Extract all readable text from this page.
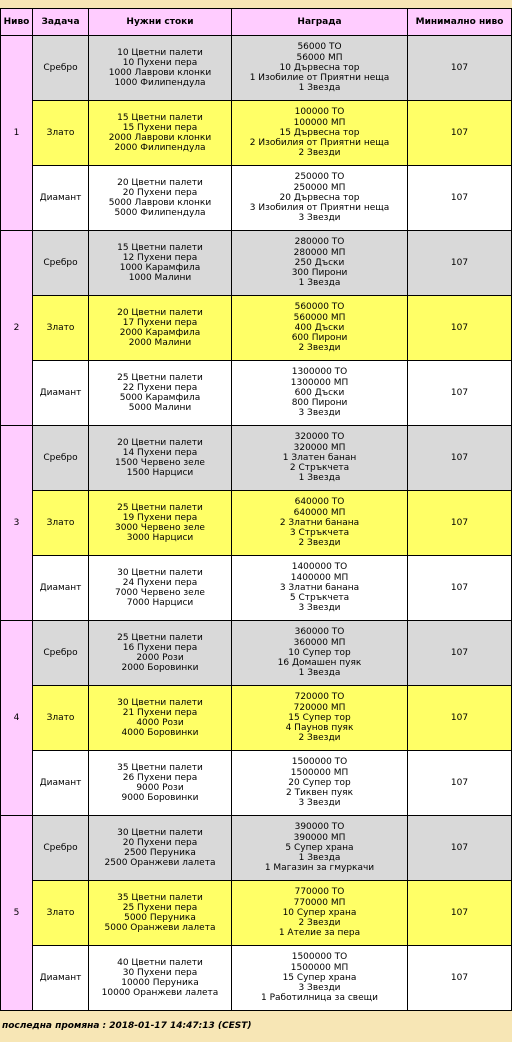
Ниво	Задача	Нужни стоки	Награда	Минимално ниво
1	Сребро	10 Цветни палети
10 Пухени пера
1000 Лаврови клонки
1000 Филипендула	56000 ТО
56000 МП
10 Дървесна тор
1 Изобилие от Приятни неща
1 Звезда	107
	Злато	15 Цветни палети
15 Пухени пера
2000 Лаврови клонки
2000 Филипендула	100000 ТО
100000 МП
15 Дървесна тор
2 Изобилия от Приятни неща
2 Звезди	107
	Диамант	20 Цветни палети
20 Пухени пера
5000 Лаврови клонки
5000 Филипендула	250000 ТО
250000 МП
20 Дървесна тор
3 Изобилия от Приятни неща
3 Звезди	107
2	Сребро	15 Цветни палети
12 Пухени пера
1000 Карамфила
1000 Малини	280000 ТО
280000 МП
250 Дъски
300 Пирони
1 Звезда	107
	Злато	20 Цветни палети
17 Пухени пера
2000 Карамфила
2000 Малини	560000 ТО
560000 МП
400 Дъски
600 Пирони
2 Звезди	107
	Диамант	25 Цветни палети
22 Пухени пера
5000 Карамфила
5000 Малини	1300000 ТО
1300000 МП
600 Дъски
800 Пирони
3 Звезди	107
3	Сребро	20 Цветни палети
14 Пухени пера
1500 Червено зеле
1500 Нарциси	320000 ТО
320000 МП
1 Златен банан
2 Стръкчета
1 Звезда	107
	Злато	25 Цветни палети
19 Пухени пера
3000 Червено зеле
3000 Нарциси	640000 ТО
640000 МП
2 Златни банана
3 Стръкчета
2 Звезди	107
	Диамант	30 Цветни палети
24 Пухени пера
7000 Червено зеле
7000 Нарциси	1400000 ТО
1400000 МП
3 Златни банана
5 Стръкчета
3 Звезди	107
4	Сребро	25 Цветни палети
16 Пухени пера
2000 Рози
2000 Боровинки	360000 ТО
360000 МП
10 Супер тор
16 Домашен пуяк
1 Звезда	107
	Злато	30 Цветни палети
21 Пухени пера
4000 Рози
4000 Боровинки	720000 ТО
720000 МП
15 Супер тор
4 Паунов пуяк
2 Звезди	107
	Диамант	35 Цветни палети
26 Пухени пера
9000 Рози
9000 Боровинки	1500000 ТО
1500000 МП
20 Супер тор
2 Тиквен пуяк
3 Звезди	107
5	Сребро	30 Цветни палети
20 Пухени пера
2500 Перуника
2500 Оранжеви лалета	390000 ТО
390000 МП
5 Супер храна
1 Звезда
1 Магазин за гмуркачи	107
	Злато	35 Цветни палети
25 Пухени пера
5000 Перуника
5000 Оранжеви лалета	770000 ТО
770000 МП
10 Супер храна
2 Звезди
1 Ателие за пера	107
	Диамант	40 Цветни палети
30 Пухени пера
10000 Перуника
10000 Оранжеви лалета	1500000 ТО
1500000 МП
15 Супер храна
3 Звезди
1 Работилница за свещи	107
последна промяна : 2018-01-17 14:47:13 (CEST)
